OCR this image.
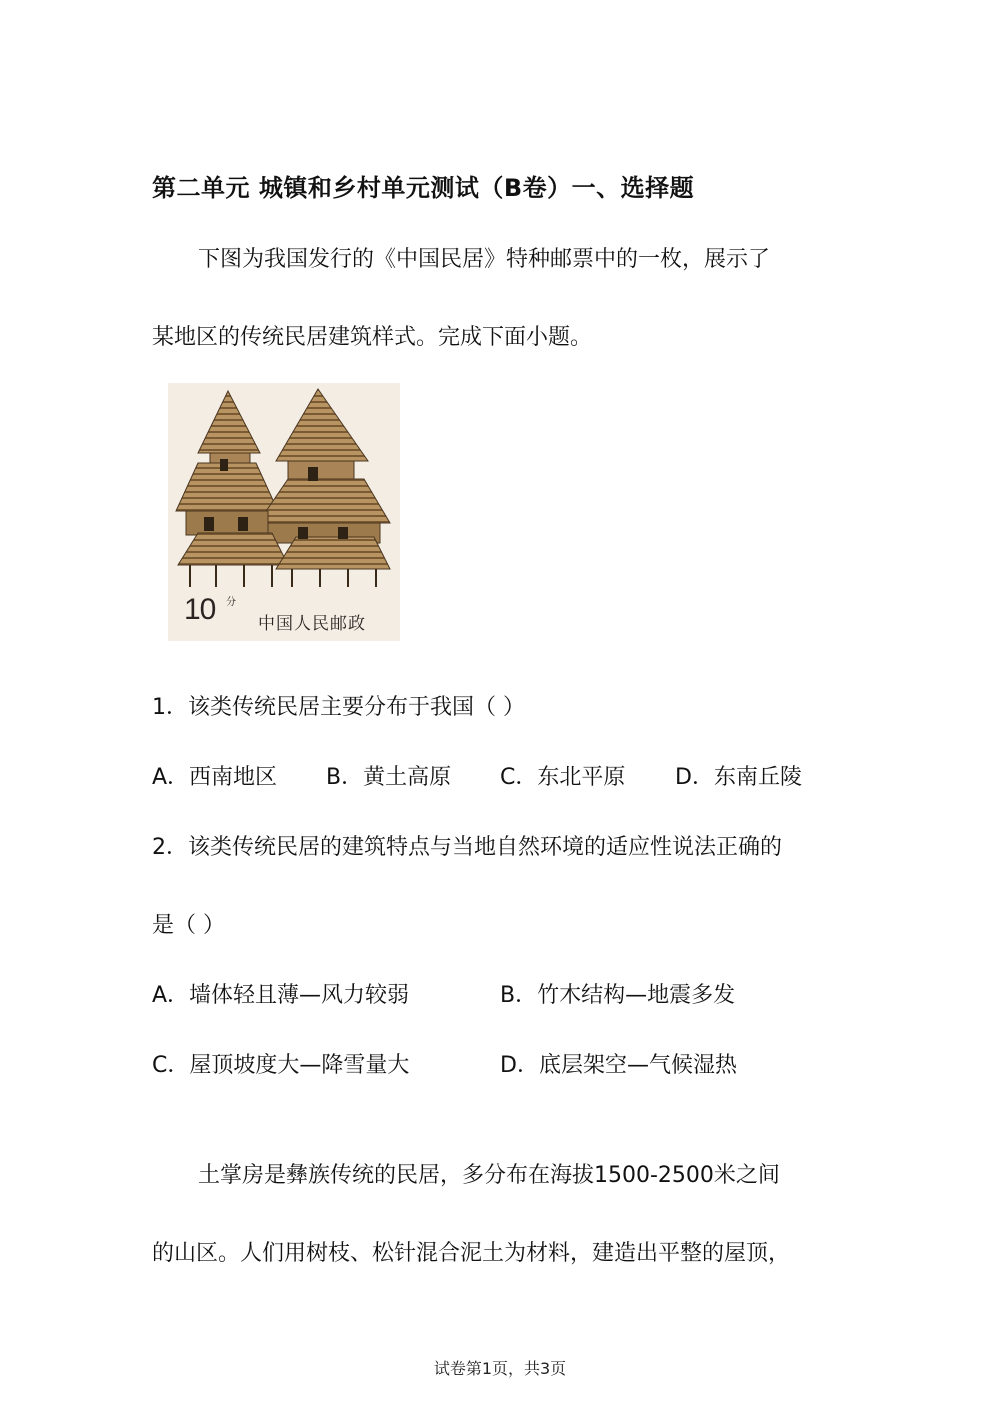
第二单元 城镇和乡村单元测试（B卷）一、选择题
下图为我国发行的《中国民居》特种邮票中的一枚，展示了
某地区的传统民居建筑样式。完成下面小题。
10 分
中国人民邮政
1．该类传统民居主要分布于我国（ ）
A．西南地区 B．黄土高原 C．东北平原 D．东南丘陵
2．该类传统民居的建筑特点与当地自然环境的适应性说法正确的
是（ ）
A．墙体轻且薄—风力较弱	B．竹木结构—地震多发
C．屋顶坡度大—降雪量大	D．底层架空—气候湿热
土掌房是彝族传统的民居，多分布在海拔1500-2500米之间
的山区。人们用树枝、松针混合泥土为材料，建造出平整的屋顶，
试卷第1页，共3页
